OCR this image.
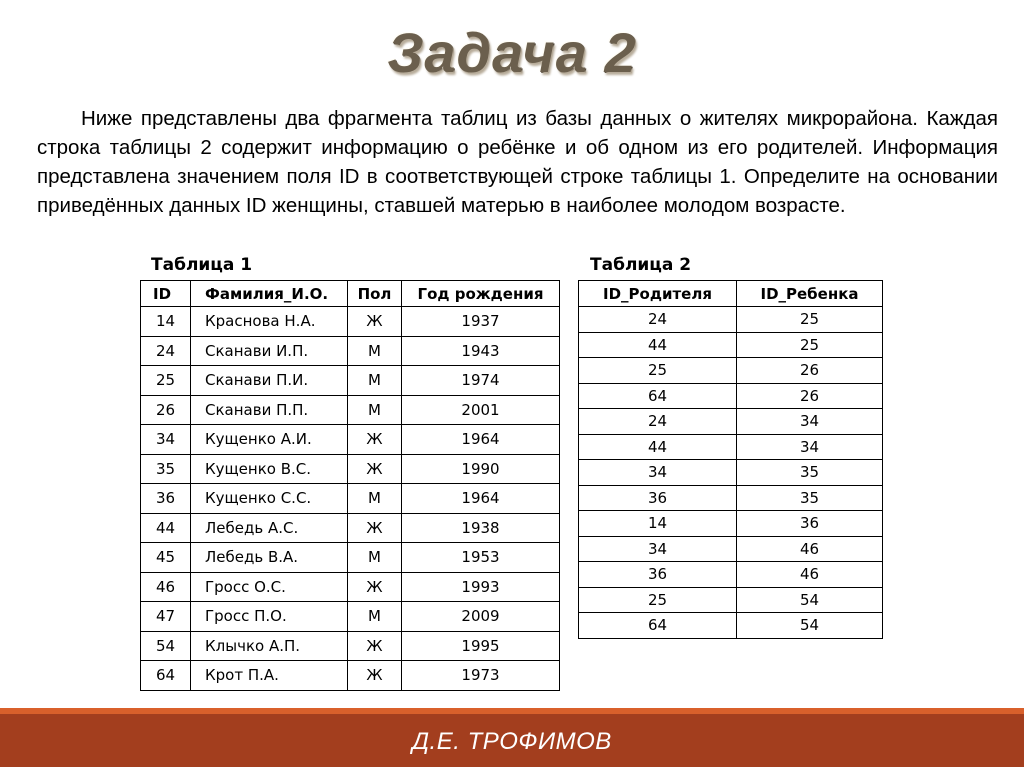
Задача 2

Ниже представлены два фрагмента таблиц из базы данных о жителях микрорайона. Каждая строка таблицы 2 содержит информацию о ребёнке и об одном из его родителей. Информация представлена значением поля ID в соответствующей строке таблицы 1. Определите на основании приведённых данных ID женщины, ставшей матерью в наиболее молодом возрасте.

Таблица 1	Таблица 2
ID	Фамилия_И.О.	Пол	Год рождения
14	Краснова Н.А.	Ж	1937
24	Сканави И.П.	М	1943
25	Сканави П.И.	М	1974
26	Сканави П.П.	М	2001
34	Кущенко А.И.	Ж	1964
35	Кущенко В.С.	Ж	1990
36	Кущенко С.С.	М	1964
44	Лебедь А.С.	Ж	1938
45	Лебедь В.А.	М	1953
46	Гросс О.С.	Ж	1993
47	Гросс П.О.	М	2009
54	Клычко А.П.	Ж	1995
64	Крот П.А.	Ж	1973
ID_Родителя	ID_Ребенка
24	25
44	25
25	26
64	26
24	34
44	34
34	35
36	35
14	36
34	46
36	46
25	54
64	54
Д.Е. ТРОФИМОВ
